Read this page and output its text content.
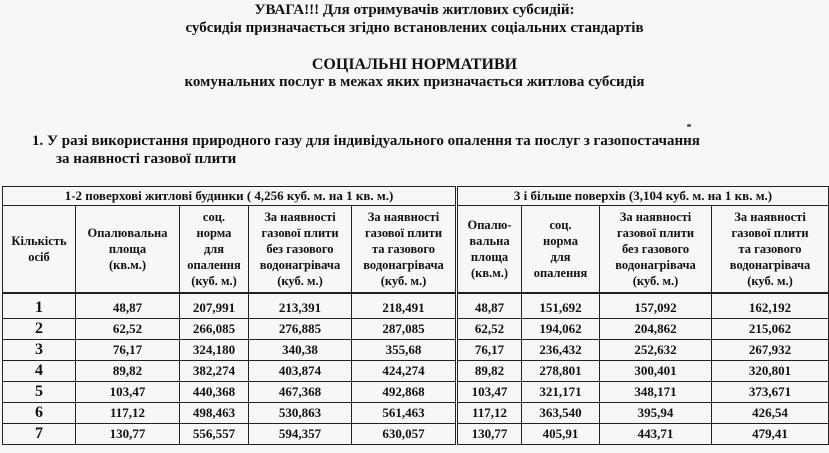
УВАГА!!! Для отримувачів житлових субсидій:
субсидія призначається згідно встановлених соціальних стандартів
СОЦІАЛЬНІ НОРМАТИВИ
комунальних послуг в межах яких призначається житлова субсидія
1. У разі використання природного газу для індивідуального опалення та послуг з газопостачання
за наявності газової плити
1-2 поверхові житлові будинки ( 4,256 куб. м. на 1 кв. м.)					3 і більше поверхів (3,104 куб. м. на 1 кв. м.)			
Кількість
осіб	Опалювальна
площа
(кв.м.)	соц.
норма
для
опалення
(куб. м.)	За наявності
газової плити
без газового
водонагрівача
(куб. м.)	За наявності
газової плити
та газового
водонагрівача
(куб. м.)	Опалю-
вальна
площа
(кв.м.)	соц.
норма
для
опалення	За наявності
газової плити
без газового
водонагрівача
(куб. м.)	За наявності
газової плити
та газового
водонагрівача
(куб. м.)
1	48,87	207,991	213,391	218,491	48,87	151,692	157,092	162,192
2	62,52	266,085	276,885	287,085	62,52	194,062	204,862	215,062
3	76,17	324,180	340,38	355,68	76,17	236,432	252,632	267,932
4	89,82	382,274	403,874	424,274	89,82	278,801	300,401	320,801
5	103,47	440,368	467,368	492,868	103,47	321,171	348,171	373,671
6	117,12	498,463	530,863	561,463	117,12	363,540	395,94	426,54
7	130,77	556,557	594,357	630,057	130,77	405,91	443,71	479,41
